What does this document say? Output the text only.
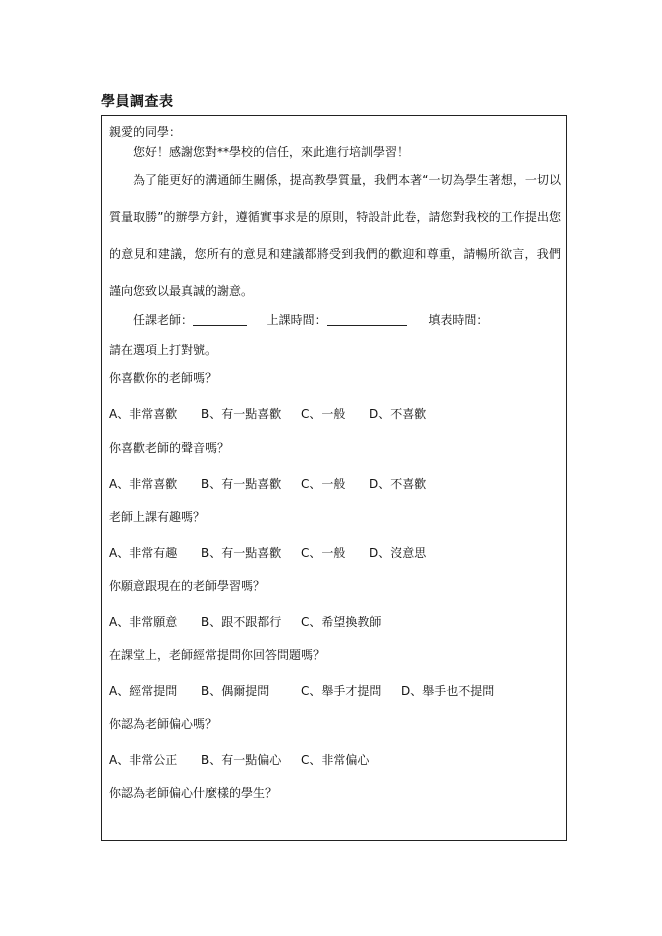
學員調查表
親愛的同學：
您好！感謝您對**學校的信任，來此進行培訓學習！
為了能更好的溝通師生關係，提高教學質量，我們本著“一切為學生著想，一切以質量取勝”的辦學方針，遵循實事求是的原則，特設計此卷，請您對我校的工作提出您的意見和建議，您所有的意見和建議都將受到我們的歡迎和尊重，請暢所欲言，我們謹向您致以最真誠的謝意。
任課老師：	上課時間：	填表時間：
請在選項上打對號。
你喜歡你的老師嗎？
A、非常喜歡 B、有一點喜歡 C、一般 D、不喜歡
你喜歡老師的聲音嗎？
A、非常喜歡 B、有一點喜歡 C、一般 D、不喜歡
老師上課有趣嗎？
A、非常有趣 B、有一點喜歡 C、一般 D、沒意思
你願意跟現在的老師學習嗎？
A、非常願意 B、跟不跟都行 C、希望換教師
在課堂上，老師經常提問你回答問題嗎？
A、經常提問 B、偶爾提問	C、舉手才提問 D、舉手也不提問
你認為老師偏心嗎？
A、非常公正 B、有一點偏心 C、非常偏心
你認為老師偏心什麼樣的學生？
